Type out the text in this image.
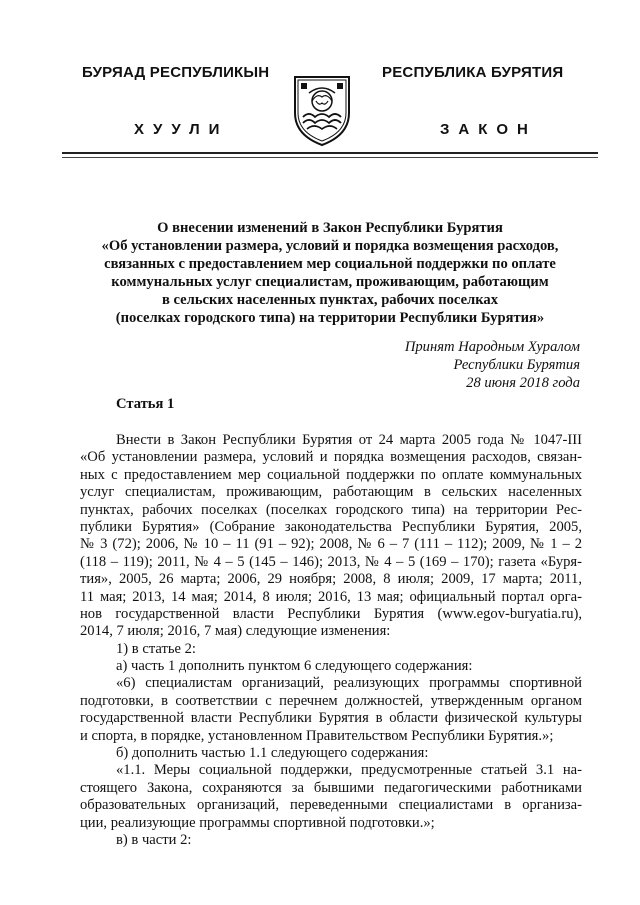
БУРЯАД РЕСПУБЛИКЫН	РЕСПУБЛИКА БУРЯТИЯ
ХУУЛИ	ЗАКОН
О внесении изменений в Закон Республики Бурятия
«Об установлении размера, условий и порядка возмещения расходов,
связанных с предоставлением мер социальной поддержки по оплате
коммунальных услуг специалистам, проживающим, работающим
в сельских населенных пунктах, рабочих поселках
(поселках городского типа) на территории Республики Бурятия»
Принят Народным Хуралом
Республики Бурятия
28 июня 2018 года
Статья 1
Внести в Закон Республики Бурятия от 24 марта 2005 года № 1047-III
«Об установлении размера, условий и порядка возмещения расходов, связан-
ных с предоставлением мер социальной поддержки по оплате коммунальных
услуг специалистам, проживающим, работающим в сельских населенных
пунктах, рабочих поселках (поселках городского типа) на территории Рес-
публики Бурятия» (Собрание законодательства Республики Бурятия, 2005,
№ 3 (72); 2006, № 10 – 11 (91 – 92); 2008, № 6 – 7 (111 – 112); 2009, № 1 – 2
(118 – 119); 2011, № 4 – 5 (145 – 146); 2013, № 4 – 5 (169 – 170); газета «Буря-
тия», 2005, 26 марта; 2006, 29 ноября; 2008, 8 июля; 2009, 17 марта; 2011,
11 мая; 2013, 14 мая; 2014, 8 июля; 2016, 13 мая; официальный портал орга-
нов государственной власти Республики Бурятия (www.egov-buryatia.ru),
2014, 7 июля; 2016, 7 мая) следующие изменения:
1) в статье 2:
а) часть 1 дополнить пунктом 6 следующего содержания:
«6) специалистам организаций, реализующих программы спортивной
подготовки, в соответствии с перечнем должностей, утвержденным органом
государственной власти Республики Бурятия в области физической культуры
и спорта, в порядке, установленном Правительством Республики Бурятия.»;
б) дополнить частью 1.1 следующего содержания:
«1.1. Меры социальной поддержки, предусмотренные статьей 3.1 на-
стоящего Закона, сохраняются за бывшими педагогическими работниками
образовательных организаций, переведенными специалистами в организа-
ции, реализующие программы спортивной подготовки.»;
в) в части 2:
